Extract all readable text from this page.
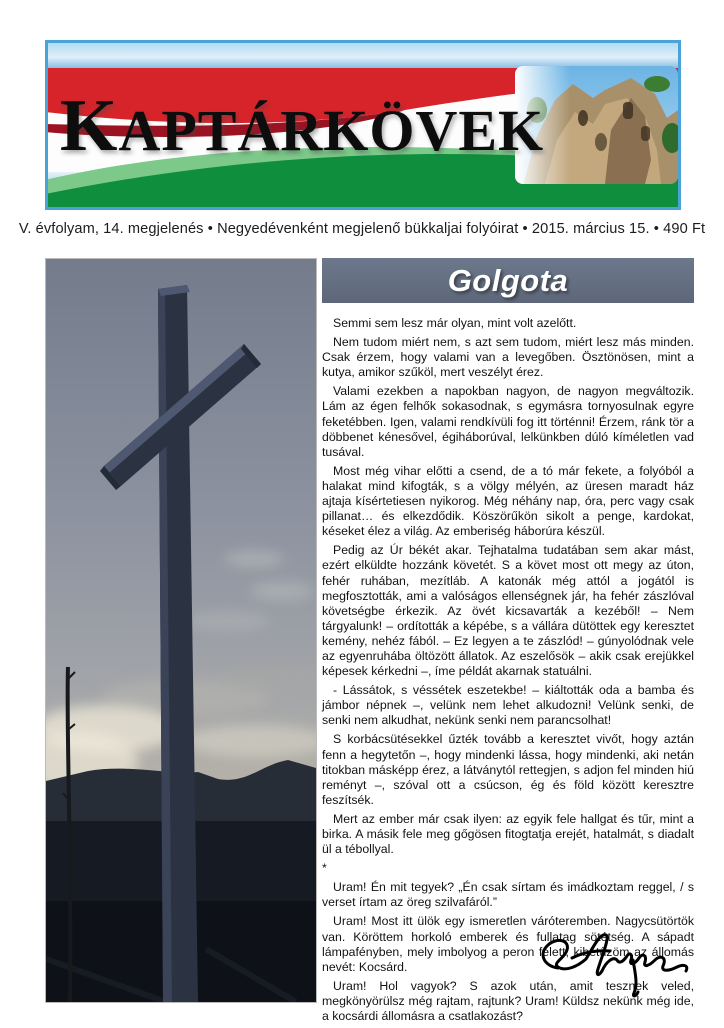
KAPTÁRKÖVEK
V. évfolyam, 14. megjelenés • Negyedévenként megjelenő bükkaljai folyóirat • 2015. március 15. • 490 Ft
Golgota

Semmi sem lesz már olyan, mint volt azelőtt.

Nem tudom miért nem, s azt sem tudom, miért lesz más minden. Csak érzem, hogy valami van a levegőben. Ösztönösen, mint a kutya, amikor szűköl, mert veszélyt érez.

Valami ezekben a napokban nagyon, de nagyon megváltozik. Lám az égen felhők sokasodnak, s egymásra tornyosulnak egyre feketébben. Igen, valami rendkívüli fog itt történni! Érzem, ránk tör a döbbenet kénesővel, égiháborúval, lelkünkben dúló kíméletlen vad tusával.

Most még vihar előtti a csend, de a tó már fekete, a folyóból a halakat mind kifogták, s a völgy mélyén, az üresen maradt ház ajtaja kísértetiesen nyikorog. Még néhány nap, óra, perc vagy csak pillanat… és elkezdődik. Köszörűkön sikolt a penge, kardokat, késeket élez a világ. Az emberiség háborúra készül.

Pedig az Úr békét akar. Tejhatalma tudatában sem akar mást, ezért elküldte hozzánk követét. S a követ most ott megy az úton, fehér ruhában, mezítláb. A katonák még attól a jogától is megfosztották, ami a valóságos ellenségnek jár, ha fehér zászlóval követségbe érkezik. Az övét kicsavarták a kezéből! – Nem tárgyalunk! – ordították a képébe, s a vállára dütöttek egy keresztet kemény, nehéz fából. – Ez legyen a te zászlód! – gúnyolódnak vele az egyenruhába öltözött állatok. Az eszelősök – akik csak erejükkel képesek kérkedni –, íme példát akarnak statuálni.

- Lássátok, s véssétek eszetekbe! – kiáltották oda a bamba és jámbor népnek –, velünk nem lehet alkudozni! Velünk senki, de senki nem alkudhat, nekünk senki nem parancsolhat!

S korbácsütésekkel űzték tovább a keresztet vivőt, hogy aztán fenn a hegytetőn –, hogy mindenki lássa, hogy mindenki, aki netán titokban másképp érez, a látványtól rettegjen, s adjon fel minden hiú reményt –, szóval ott a csúcson, ég és föld között keresztre feszítsék.

Mert az ember már csak ilyen: az egyik fele hallgat és tűr, mint a birka. A másik fele meg gőgösen fitogtatja erejét, hatalmát, s diadalt ül a tébollyal.

*

Uram! Én mit tegyek? „Én csak sírtam és imádkoztam reggel, / s verset írtam az öreg szilvafáról.”

Uram! Most itt ülök egy ismeretlen váróteremben. Nagycsütörtök van. Köröttem horkoló emberek és fullatag sötétség. A sápadt lámpafényben, mely imbolyog a peron felett, kibetűzöm az állomás nevét: Kocsárd.

Uram! Hol vagyok? S azok után, amit tesznek veled, megkönyörülsz még rajtam, rajtunk? Uram! Küldsz nekünk még ide, a kocsárdi állomásra a csatlakozást?
